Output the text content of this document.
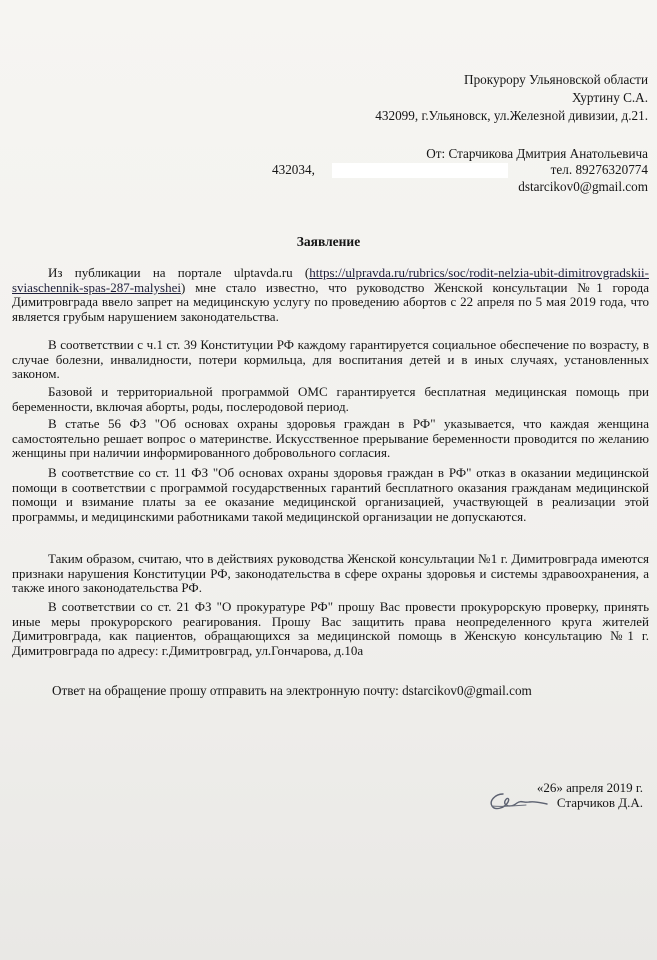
Прокурору Ульяновской области
Хуртину С.А.
432099, г.Ульяновск, ул.Железной дивизии, д.21.
От: Старчикова Дмитрия Анатольевича
432034,	тел. 89276320774
dstarcikov0@gmail.com
Заявление

Из публикации на портале ulptavda.ru (https://ulpravda.ru/rubrics/soc/rodit-nelzia-ubit-dimitrovgradskii-sviaschennik-spas-287-malyshei) мне стало известно, что руководство Женской консультации №1 города Димитровграда ввело запрет на медицинскую услугу по проведению абортов с 22 апреля по 5 мая 2019 года, что является грубым нарушением законодательства.

В соответствии с ч.1 ст. 39 Конституции РФ каждому гарантируется социальное обеспечение по возрасту, в случае болезни, инвалидности, потери кормильца, для воспитания детей и в иных случаях, установленных законом.

Базовой и территориальной программой ОМС гарантируется бесплатная медицинская помощь при беременности, включая аборты, роды, послеродовой период.

В статье 56 ФЗ "Об основах охраны здоровья граждан в РФ" указывается, что каждая женщина самостоятельно решает вопрос о материнстве. Искусственное прерывание беременности проводится по желанию женщины при наличии информированного добровольного согласия.

В соответствие со ст. 11 ФЗ "Об основах охраны здоровья граждан в РФ" отказ в оказании медицинской помощи в соответствии с программой государственных гарантий бесплатного оказания гражданам медицинской помощи и взимание платы за ее оказание медицинской организацией, участвующей в реализации этой программы, и медицинскими работниками такой медицинской организации не допускаются.

Таким образом, считаю, что в действиях руководства Женской консультации №1 г. Димитровграда имеются признаки нарушения Конституции РФ, законодательства в сфере охраны здоровья и системы здравоохранения, а также иного законодательства РФ.

В соответствии со ст. 21 ФЗ "О прокуратуре РФ" прошу Вас провести прокурорскую проверку, принять иные меры прокурорского реагирования. Прошу Вас защитить права неопределенного круга жителей Димитровграда, как пациентов, обращающихся за медицинской помощь в Женскую консультацию №1 г. Димитровграда по адресу: г.Димитровград, ул.Гончарова, д.10а

Ответ на обращение прошу отправить на электронную почту: dstarcikov0@gmail.com
«26» апреля 2019 г.
Старчиков Д.А.
